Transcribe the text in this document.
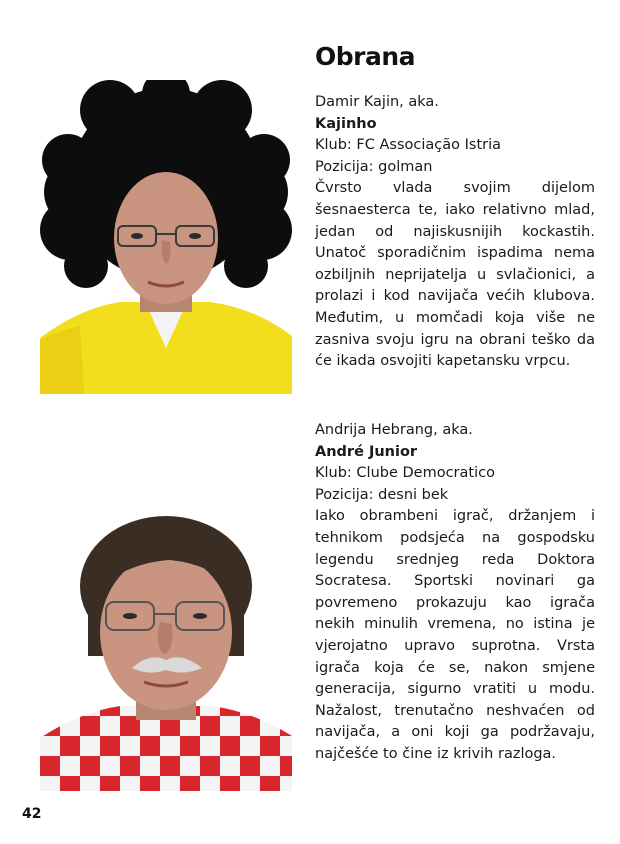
Obrana
Damir Kajin, aka.
Kajinho
Klub: FC Associação Istria
Pozicija: golman
Čvrsto vlada svojim dijelom šesnaesterca te, iako relativno mlad, jedan od najiskusnijih kockastih. Unatoč sporadičnim ispadima nema ozbiljnih neprijatelja u svlačionici, a prolazi i kod navijača većih klubova. Međutim, u momčadi koja više ne zasniva svoju igru na obrani teško da će ikada osvojiti kapetansku vrpcu.
Andrija Hebrang, aka.
André Junior
Klub: Clube Democratico
Pozicija: desni bek
Iako obrambeni igrač, držanjem i tehnikom podsjeća na gospodsku legendu srednjeg reda Doktora Socratesa. Sportski novinari ga povremeno prokazuju kao igrača nekih minulih vremena, no istina je vjerojatno upravo suprotna. Vrsta igrača koja će se, nakon smjene generacija, sigurno vratiti u modu. Nažalost, trenutačno neshvaćen od navijača, a oni koji ga podržavaju, najčešće to čine iz krivih razloga.
42
